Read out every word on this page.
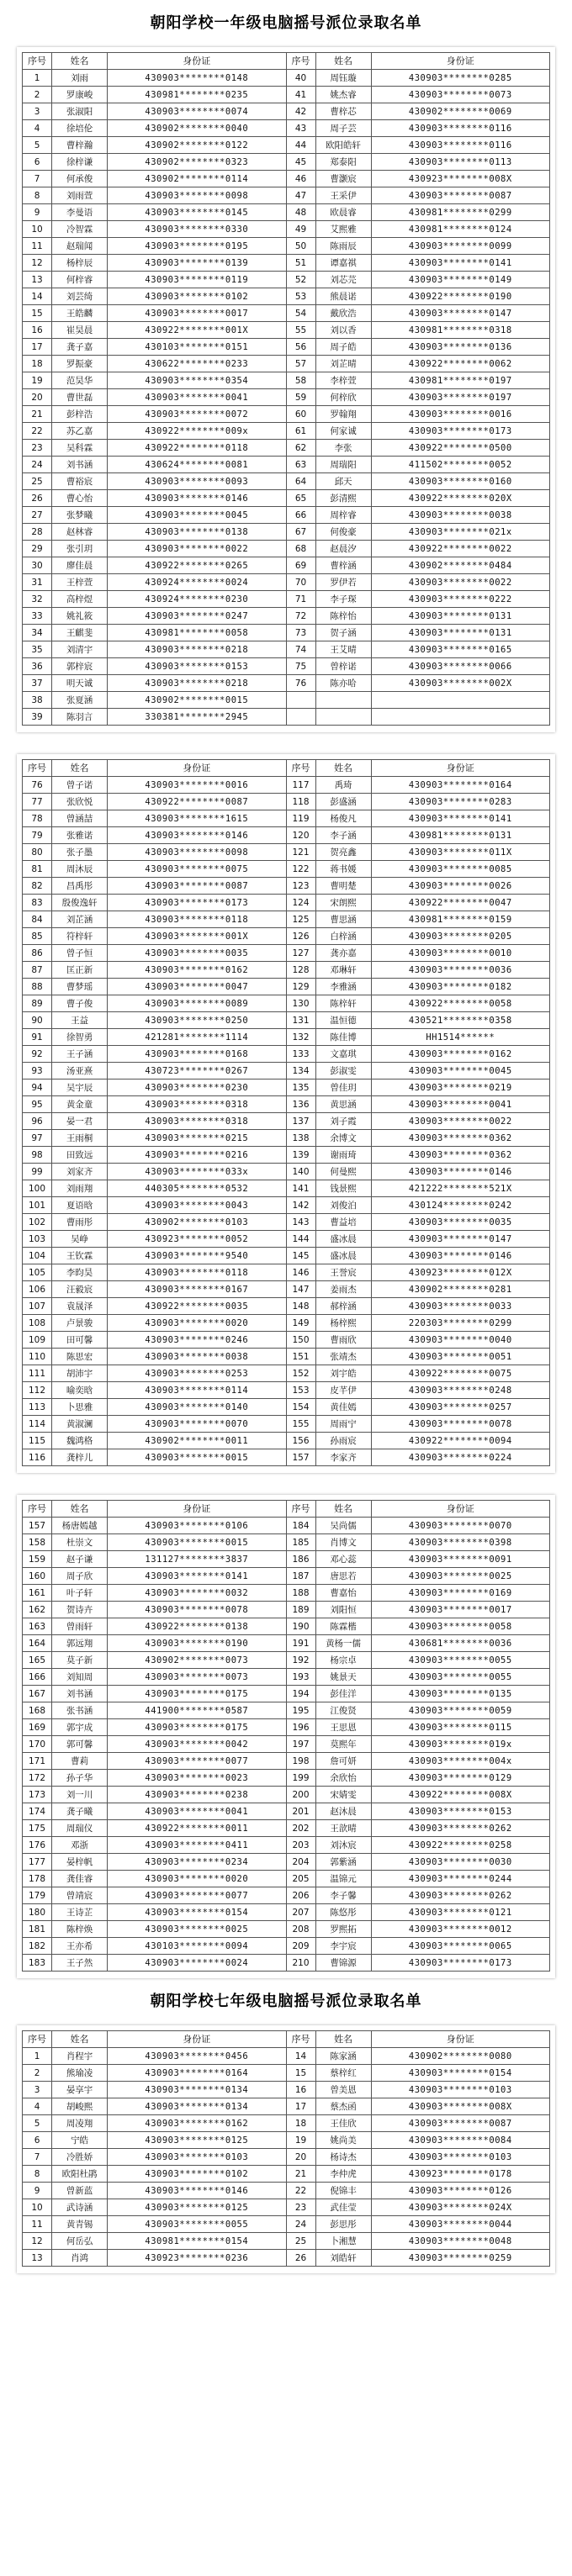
朝阳学校一年级电脑摇号派位录取名单
序号	姓名	身份证	序号	姓名	身份证
1	刘雨	430903********0148	40	周钰璇	430903********0285
2	罗康峻	430981********0235	41	姚杰睿	430903********0073
3	张淑阳	430903********0074	42	曹梓芯	430902********0069
4	徐培伦	430902********0040	43	周子芸	430903********0116
5	曹梓瀚	430902********0122	44	欧阳皓轩	430903********0116
6	徐梓谦	430902********0323	45	郑泰阳	430903********0113
7	何承俊	430902********0114	46	曹灏宸	430923********008X
8	刘雨萱	430903********0098	47	王采伊	430903********0087
9	李曼语	430903********0145	48	欧晨睿	430981********0299
10	冷智霖	430903********0330	49	艾熙雅	430981********0124
11	赵瑞闻	430903********0195	50	陈雨辰	430903********0099
12	杨梓辰	430903********0139	51	谭嘉祺	430903********0141
13	何梓睿	430903********0119	52	刘芯芫	430903********0149
14	刘芸绮	430903********0102	53	熊晨诺	430922********0190
15	王皓麟	430903********0017	54	戴欣浩	430903********0147
16	崔昊晨	430922********001X	55	刘以香	430981********0318
17	龚子嘉	430103********0151	56	周子皓	430903********0136
18	罗振豪	430622********0233	57	刘芷晴	430922********0062
19	范昊华	430903********0354	58	李梓萱	430981********0197
20	曹世磊	430903********0041	59	何梓欣	430903********0197
21	彭梓浩	430903********0072	60	罗翰翔	430903********0016
22	苏乙嘉	430922********009x	61	何家诚	430903********0173
23	吴科霖	430922********0118	62	李张	430922********0500
24	刘书涵	430624********0081	63	周瑞阳	411502********0052
25	曹裕宸	430903********0093	64	邱天	430903********0160
26	曹心怡	430903********0146	65	彭清熙	430922********020X
27	张梦曦	430903********0045	66	周梓睿	430903********0038
28	赵林睿	430903********0138	67	何俊豪	430903********021x
29	张引玥	430903********0022	68	赵晨汐	430922********0022
30	廖佳晨	430922********0265	69	曹梓涵	430902********0484
31	王梓萱	430924********0024	70	罗伊若	430903********0022
32	高梓煜	430924********0230	71	李子琛	430903********0222
33	姚礼筱	430903********0247	72	陈梓怡	430903********0131
34	王麒斐	430981********0058	73	贺子涵	430903********0131
35	刘清宇	430903********0218	74	王艾晴	430903********0165
36	郭梓宸	430903********0153	75	曾梓诺	430903********0066
37	明天诚	430903********0218	76	陈亦哈	430903********002X
38	张夏涵	430902********0015			
39	陈羽言	330381********2945			
序号	姓名	身份证	序号	姓名	身份证
76	曾子诺	430903********0016	117	禹琦	430903********0164
77	张欣悦	430922********0087	118	彭盛涵	430903********0283
78	曾涵喆	430903********1615	119	杨俊凡	430903********0141
79	张雅诺	430903********0146	120	李子涵	430981********0131
80	张子墨	430903********0098	121	贺亮鑫	430903********011X
81	周沐辰	430903********0075	122	蒋书媛	430903********0085
82	昌禹彤	430903********0087	123	曹明楚	430903********0026
83	殷俊逸轩	430903********0173	124	宋朗熙	430922********0047
84	刘芷涵	430903********0118	125	曹思涵	430981********0159
85	符梓轩	430903********001X	126	白梓涵	430903********0205
86	曾子恒	430903********0035	127	龚亦嘉	430903********0010
87	匡正新	430903********0162	128	邓琳轩	430903********0036
88	曹梦瑶	430903********0047	129	李雅涵	430903********0182
89	曹子俊	430903********0089	130	陈梓轩	430922********0058
90	王益	430903********0250	131	温恒德	430521********0358
91	徐智勇	421281********1114	132	陈佳博	HH1514******
92	王子涵	430903********0168	133	文嘉琪	430903********0162
93	汤亚熹	430723********0267	134	彭淑雯	430903********0045
94	吴宇辰	430903********0230	135	曾佳玥	430903********0219
95	黄金童	430903********0318	136	黄思涵	430903********0041
96	晏一君	430903********0318	137	刘子霞	430903********0022
97	王雨桐	430903********0215	138	余博文	430903********0362
98	田致远	430903********0216	139	谢雨琦	430903********0362
99	刘家齐	430903********033x	140	何曼熙	430903********0146
100	刘雨翔	440305********0532	141	钱景熙	421222********521X
101	夏语晗	430903********0043	142	刘俊泊	430124********0242
102	曹雨彤	430902********0103	143	曹益培	430903********0035
103	吴峥	430923********0052	144	盛冰晨	430903********0147
104	王钦霖	430903********9540	145	盛冰晨	430903********0146
105	李昀昊	430903********0118	146	王誉宸	430923********012X
106	汪毅宸	430903********0167	147	姜雨杰	430902********0281
107	袁晟泽	430922********0035	148	郝梓涵	430903********0033
108	卢景骏	430903********0020	149	杨梓熙	220303********0299
109	田可馨	430903********0246	150	曹雨欣	430903********0040
110	陈思宏	430903********0038	151	张靖杰	430903********0051
111	胡沛宇	430903********0253	152	刘宇皓	430922********0075
112	喻奕晗	430903********0114	153	皮芊伊	430903********0248
113	卜思雅	430903********0140	154	黄佳嫣	430903********0257
114	黄淑澜	430903********0070	155	周雨宁	430903********0078
115	魏鸿格	430902********0011	156	孙雨宸	430922********0094
116	龚梓儿	430903********0015	157	李家齐	430903********0224
序号	姓名	身份证	序号	姓名	身份证
157	杨唐嫣越	430903********0106	184	吴尚儒	430903********0070
158	杜崇文	430903********0015	185	肖博文	430903********0398
159	赵子谦	131127********3837	186	邓心蕊	430903********0091
160	周子欣	430903********0141	187	唐思若	430903********0025
161	叶子轩	430903********0032	188	曹嘉怡	430903********0169
162	贺诗卉	430903********0078	189	刘阳恒	430903********0017
163	曾雨轩	430922********0138	190	陈霖楷	430903********0058
164	郭远翔	430903********0190	191	黄杨一儒	430681********0036
165	莫子新	430902********0073	192	杨宗卓	430903********0055
166	刘知周	430903********0073	193	姚景天	430903********0055
167	刘书涵	430903********0175	194	彭佳洋	430903********0135
168	张书涵	441900********0587	195	江俊贤	430903********0059
169	郭宇成	430903********0175	196	王思恩	430903********0115
170	郭可馨	430903********0042	197	莫熙年	430903********019x
171	曹莉	430903********0077	198	詹可妍	430903********004x
172	孙子华	430903********0023	199	余欣怡	430903********0129
173	刘一川	430903********0238	200	宋婧雯	430922********008X
174	龚子曦	430903********0041	201	赵沐晨	430903********0153
175	周瑞仪	430922********0011	202	王歆晴	430903********0262
176	邓浙	430903********0411	203	刘沐宸	430922********0258
177	晏梓帆	430903********0234	204	郭紫涵	430903********0030
178	龚佳睿	430903********0020	205	温锦元	430903********0244
179	曾靖宸	430903********0077	206	李子馨	430903********0262
180	王诗芷	430903********0154	207	陈悠彤	430903********0121
181	陈梓焕	430903********0025	208	罗熙拓	430903********0012
182	王亦希	430103********0094	209	李宇宸	430903********0065
183	王子然	430903********0024	210	曹锦源	430903********0173
朝阳学校七年级电脑摇号派位录取名单
序号	姓名	身份证	序号	姓名	身份证
1	肖程宇	430903********0456	14	陈家涵	430902********0080
2	熊瑜凌	430903********0164	15	蔡梓红	430903********0154
3	晏享宇	430903********0134	16	曾美恩	430903********0103
4	胡峻熙	430903********0134	17	蔡杰函	430903********008X
5	周凌翔	430903********0162	18	王佳欣	430903********0087
6	宁皓	430903********0125	19	姚尚美	430903********0084
7	冷胜娇	430903********0103	20	杨诗杰	430903********0103
8	欧阳杜鹃	430903********0102	21	李仲虎	430923********0178
9	曾新蓝	430903********0146	22	倪锦丰	430903********0126
10	武诗涵	430903********0125	23	武佳莹	430903********024X
11	黄青锡	430903********0055	24	彭思彤	430903********0044
12	何岳弘	430981********0154	25	卜湘慧	430903********0048
13	肖鸿	430923********0236	26	刘皓轩	430903********0259
